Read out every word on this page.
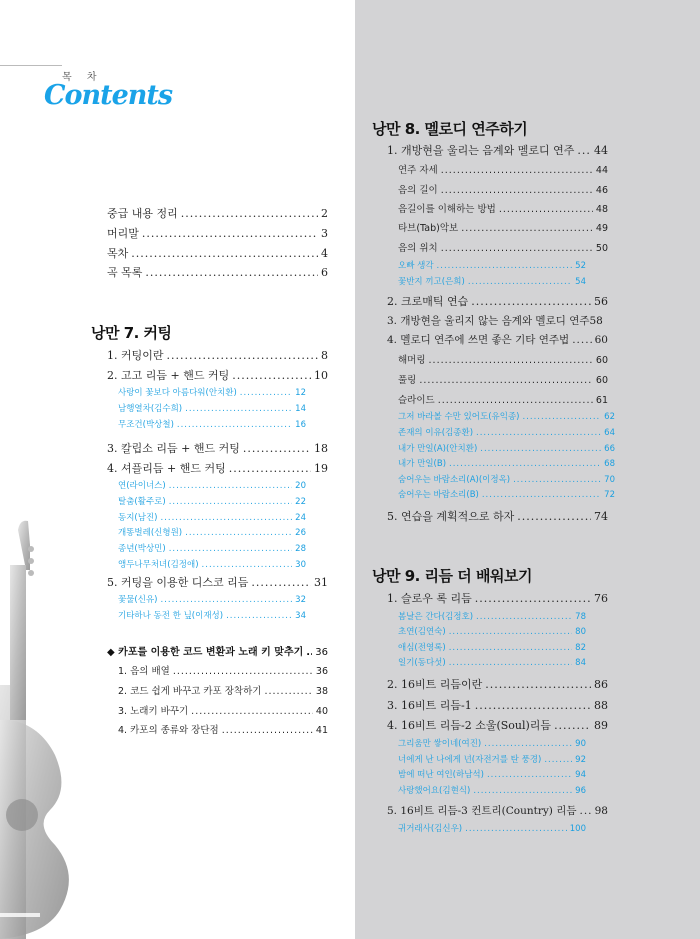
목 차
Contents
중급 내용 정리 .....	2
머리말 .....	3
목차 .....	4
곡 목록 .....	6
낭만 7. 커팅
1. 커팅이란 .....	8
2. 고고 리듬 + 핸드 커팅 .....	10
사랑이 꽃보다 아름다워(안치환) .....	12
남행열차(김수희) .....	14
무조건(박상철) .....	16
3. 칼립소 리듬 + 핸드 커팅 .....	18
4. 셔플리듬 + 핸드 커팅 .....	19
연(라이너스) .....	20
탈춤(활주로) .....	22
동지(남진) .....	24
개똥벌레(신형원) .....	26
종년(박상민) .....	28
앵두나무처녀(김정애) .....	30
5. 커팅을 이용한 디스코 리듬 .....	31
꽃물(신유) .....	32
기타하나 동전 한 닢(이재성) .....	34
◆ 카포를 이용한 코드 변환과 노래 키 맞추기 ..... 36
1. 음의 배열 .....	36
2. 코드 쉽게 바꾸고 카포 장착하기 .....	38
3. 노래키 바꾸기 .....	40
4. 카포의 종류와 장단점 .....	41
낭만 8. 멜로디 연주하기
1. 개방현을 울리는 음계와 멜로디 연주 ..... 44
연주 자세 .....	44
음의 길이 .....	46
음길이를 이해하는 방법 .....	48
타브(Tab)악보 .....	49
음의 위치 .....	50
오빠 생각 .....	52
꽃반지 끼고(은희) .....	54
2. 크로매틱 연습 .....	56
3. 개방현을 울리지 않는 음계와 멜로디 연주 58
4. 멜로디 연주에 쓰면 좋은 기타 연주법 ..... 60
해머링 .....	60
풀링 .....	60
슬라이드 .....	61
그저 바라볼 수만 있어도(유익종) .....	62
존재의 이유(김종환) .....	64
내가 만일(A)(안치환) .....	66
내가 만일(B) .....	68
숨어우는 바람소리(A)(이정옥) .....	70
숨어우는 바람소리(B) .....	72
5. 연습을 계획적으로 하자 .....	74
낭만 9. 리듬 더 배워보기
1. 슬로우 록 리듬 .....	76
봄날은 간다(김정호) .....	78
초연(김연숙) .....	80
애심(전영록) .....	82
일기(동다섯) .....	84
2. 16비트 리듬이란 .....	86
3. 16비트 리듬-1 .....	88
4. 16비트 리듬-2 소울(Soul)리듬 .....	89
그리움만 쌓이네(여진) .....	90
너에게 난 나에게 넌(자전거를 탄 풍경) .....	92
밤에 떠난 여인(하남석) .....	94
사랑했어요(김현식) .....	96
5. 16비트 리듬-3 컨트리(Country) 리듬 ..... 98
귀거래사(김신우) .....	100
